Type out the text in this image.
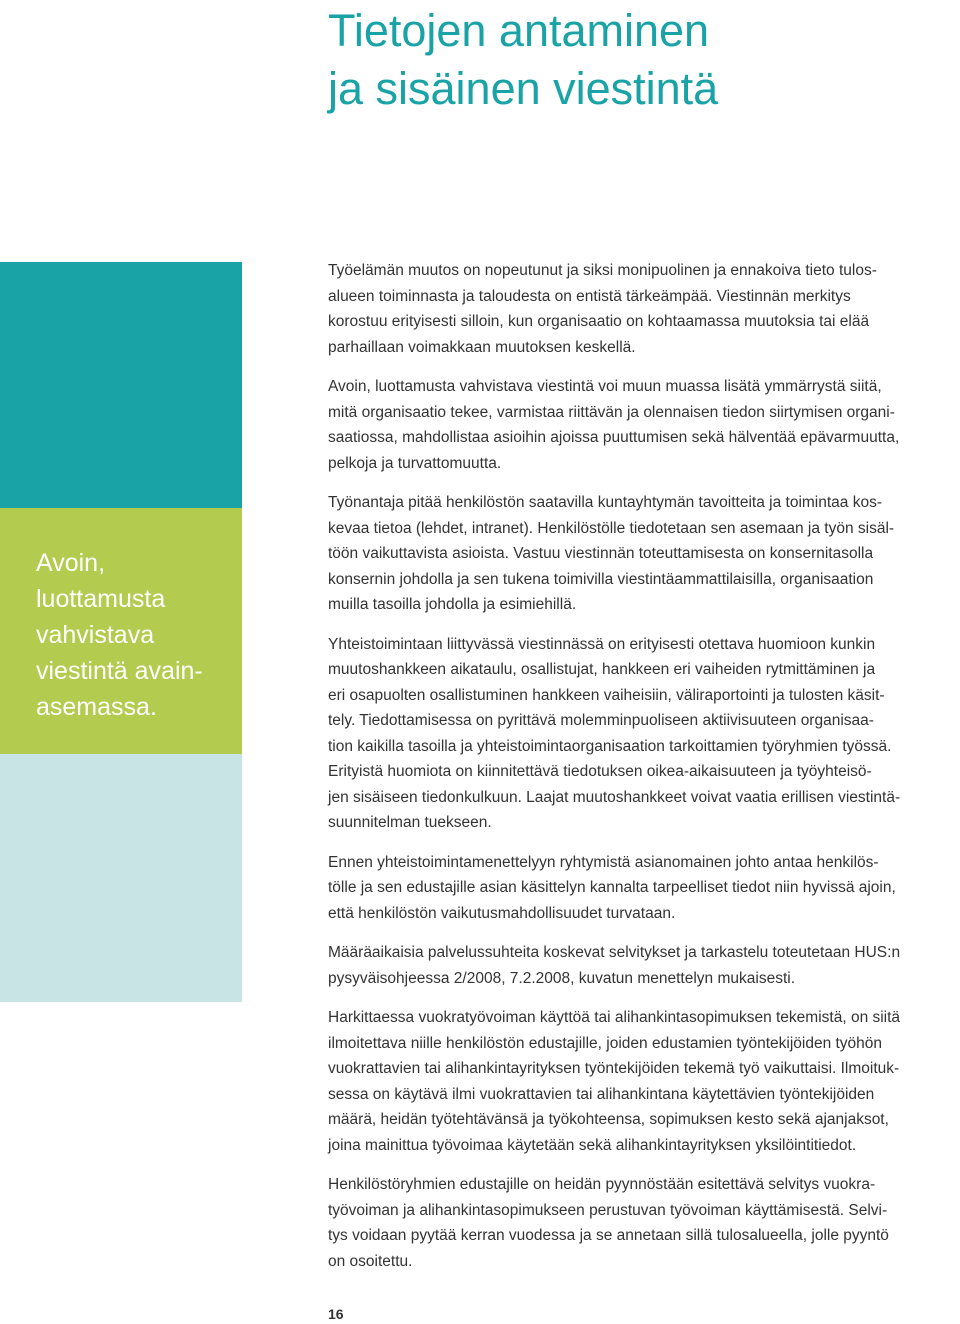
Tietojen antaminen
ja sisäinen viestintä

Avoin,
luottamusta
vahvistava
viestintä avain-
asemassa.

Työelämän muutos on nopeutunut ja siksi monipuolinen ja ennakoiva tieto tulos-
alueen toiminnasta ja taloudesta on entistä tärkeämpää. Viestinnän merkitys
korostuu erityisesti silloin, kun organisaatio on kohtaamassa muutoksia tai elää
parhaillaan voimakkaan muutoksen keskellä.

Avoin, luottamusta vahvistava viestintä voi muun muassa lisätä ymmärrystä siitä,
mitä organisaatio tekee, varmistaa riittävän ja olennaisen tiedon siirtymisen organi-
saatiossa, mahdollistaa asioihin ajoissa puuttumisen sekä hälventää epävarmuutta,
pelkoja ja turvattomuutta.

Työnantaja pitää henkilöstön saatavilla kuntayhtymän tavoitteita ja toimintaa kos-
kevaa tietoa (lehdet, intranet). Henkilöstölle tiedotetaan sen asemaan ja työn sisäl-
töön vaikuttavista asioista. Vastuu viestinnän toteuttamisesta on konsernitasolla
konsernin johdolla ja sen tukena toimivilla viestintäammattilaisilla, organisaation
muilla tasoilla johdolla ja esimiehillä.

Yhteistoimintaan liittyvässä viestinnässä on erityisesti otettava huomioon kunkin
muutoshankkeen aikataulu, osallistujat, hankkeen eri vaiheiden rytmittäminen ja
eri osapuolten osallistuminen hankkeen vaiheisiin, väliraportointi ja tulosten käsit-
tely. Tiedottamisessa on pyrittävä molemminpuoliseen aktiivisuuteen organisaa-
tion kaikilla tasoilla ja yhteistoimintaorganisaation tarkoittamien työryhmien työssä.
Erityistä huomiota on kiinnitettävä tiedotuksen oikea-aikaisuuteen ja työyhteisö-
jen sisäiseen tiedonkulkuun. Laajat muutoshankkeet voivat vaatia erillisen viestintä-
suunnitelman tuekseen.

Ennen yhteistoimintamenettelyyn ryhtymistä asianomainen johto antaa henkilös-
tölle ja sen edustajille asian käsittelyn kannalta tarpeelliset tiedot niin hyvissä ajoin,
että henkilöstön vaikutusmahdollisuudet turvataan.

Määräaikaisia palvelussuhteita koskevat selvitykset ja tarkastelu toteutetaan HUS:n
pysyväisohjeessa 2/2008, 7.2.2008, kuvatun menettelyn mukaisesti.

Harkittaessa vuokratyövoiman käyttöä tai alihankintasopimuksen tekemistä, on siitä
ilmoitettava niille henkilöstön edustajille, joiden edustamien työntekijöiden työhön
vuokrattavien tai alihankintayrityksen työntekijöiden tekemä työ vaikuttaisi. Ilmoituk-
sessa on käytävä ilmi vuokrattavien tai alihankintana käytettävien työntekijöiden
määrä, heidän työtehtävänsä ja työkohteensa, sopimuksen kesto sekä ajanjaksot,
joina mainittua työvoimaa käytetään sekä alihankintayrityksen yksilöintitiedot.

Henkilöstöryhmien edustajille on heidän pyynnöstään esitettävä selvitys vuokra-
työvoiman ja alihankintasopimukseen perustuvan työvoiman käyttämisestä. Selvi-
tys voidaan pyytää kerran vuodessa ja se annetaan sillä tulosalueella, jolle pyyntö
on osoitettu.

16
